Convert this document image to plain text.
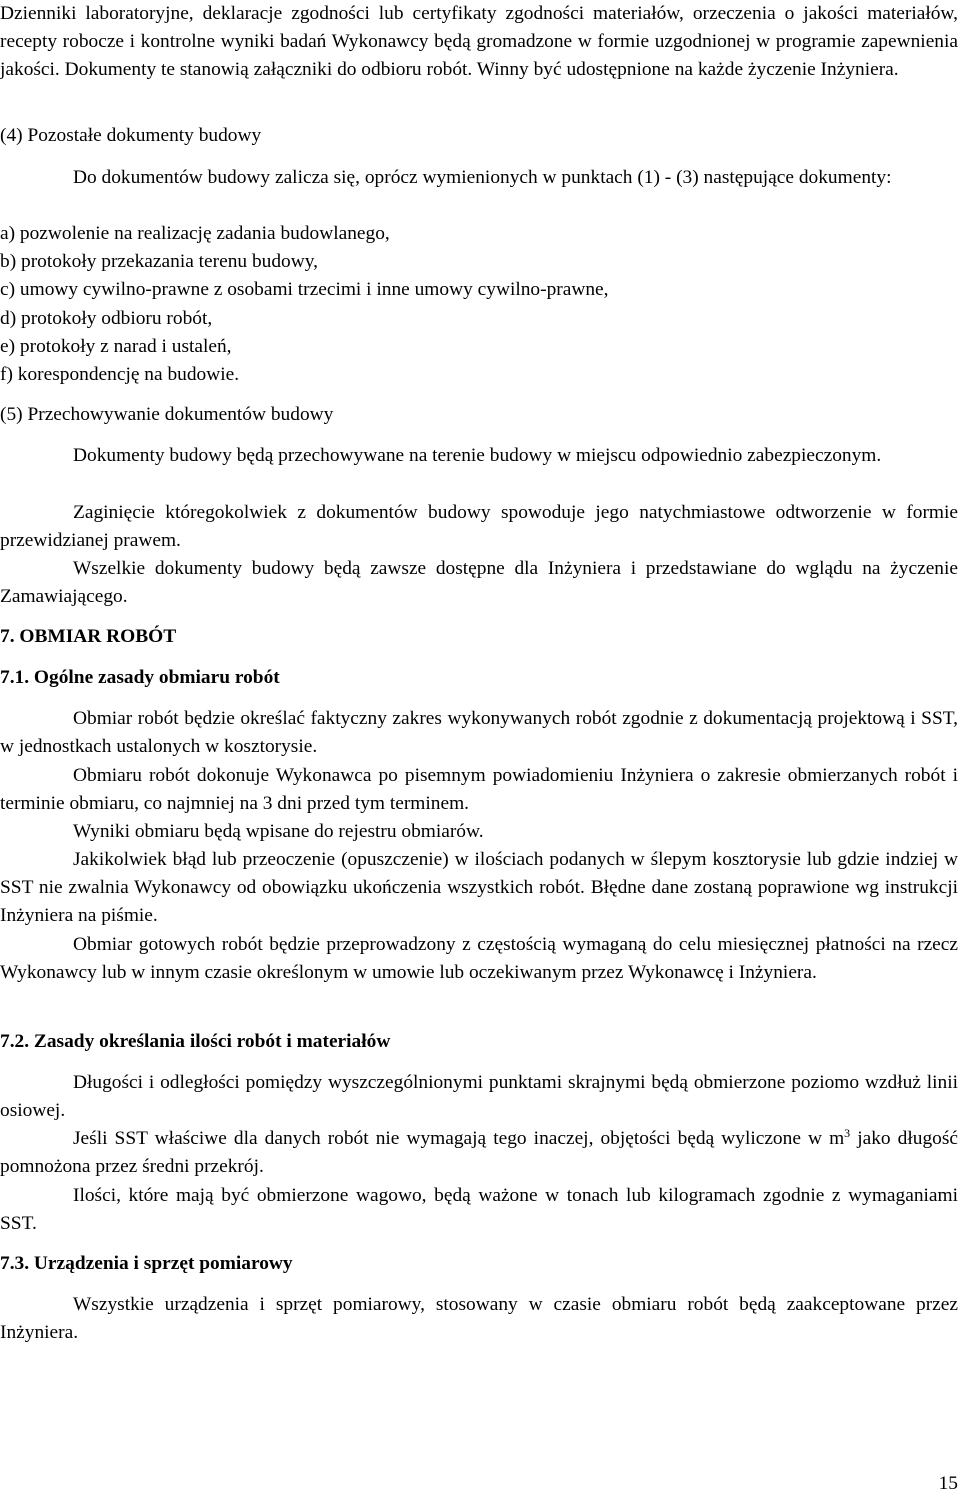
Dzienniki laboratoryjne, deklaracje zgodności lub certyfikaty zgodności materiałów, orzeczenia o jakości materiałów, recepty robocze i kontrolne wyniki badań Wykonawcy będą gromadzone w formie uzgodnionej w programie zapewnienia jakości. Dokumenty te stanowią załączniki do odbioru robót. Winny być udostępnione na każde życzenie Inżyniera.

(4) Pozostałe dokumenty budowy

Do dokumentów budowy zalicza się, oprócz wymienionych w punktach (1) - (3) następujące dokumenty:

a) pozwolenie na realizację zadania budowlanego,

b) protokoły przekazania terenu budowy,

c) umowy cywilno-prawne z osobami trzecimi i inne umowy cywilno-prawne,

d) protokoły odbioru robót,

e) protokoły z narad i ustaleń,

f) korespondencję na budowie.

(5) Przechowywanie dokumentów budowy

Dokumenty budowy będą przechowywane na terenie budowy w miejscu odpowiednio zabezpieczonym.

Zaginięcie któregokolwiek z dokumentów budowy spowoduje jego natychmiastowe odtworzenie w formie przewidzianej prawem.

Wszelkie dokumenty budowy będą zawsze dostępne dla Inżyniera i przedstawiane do wglądu na życzenie Zamawiającego.

7. OBMIAR ROBÓT

7.1. Ogólne zasady obmiaru robót

Obmiar robót będzie określać faktyczny zakres wykonywanych robót zgodnie z dokumentacją projektową i SST, w jednostkach ustalonych w kosztorysie.

Obmiaru robót dokonuje Wykonawca po pisemnym powiadomieniu Inżyniera o zakresie obmierzanych robót i terminie obmiaru, co najmniej na 3 dni przed tym terminem.

Wyniki obmiaru będą wpisane do rejestru obmiarów.

Jakikolwiek błąd lub przeoczenie (opuszczenie) w ilościach podanych w ślepym kosztorysie lub gdzie indziej w SST nie zwalnia Wykonawcy od obowiązku ukończenia wszystkich robót. Błędne dane zostaną poprawione wg instrukcji Inżyniera na piśmie.

Obmiar gotowych robót będzie przeprowadzony z częstością wymaganą do celu miesięcznej płatności na rzecz Wykonawcy lub w innym czasie określonym w umowie lub oczekiwanym przez Wykonawcę i Inżyniera.

7.2. Zasady określania ilości robót i materiałów

Długości i odległości pomiędzy wyszczególnionymi punktami skrajnymi będą obmierzone poziomo wzdłuż linii osiowej.

Jeśli SST właściwe dla danych robót nie wymagają tego inaczej, objętości będą wyliczone w $m^3$ jako długość pomnożona przez średni przekrój.

Ilości, które mają być obmierzone wagowo, będą ważone w tonach lub kilogramach zgodnie z wymaganiami SST.

7.3. Urządzenia i sprzęt pomiarowy

Wszystkie urządzenia i sprzęt pomiarowy, stosowany w czasie obmiaru robót będą zaakceptowane przez Inżyniera.

15
